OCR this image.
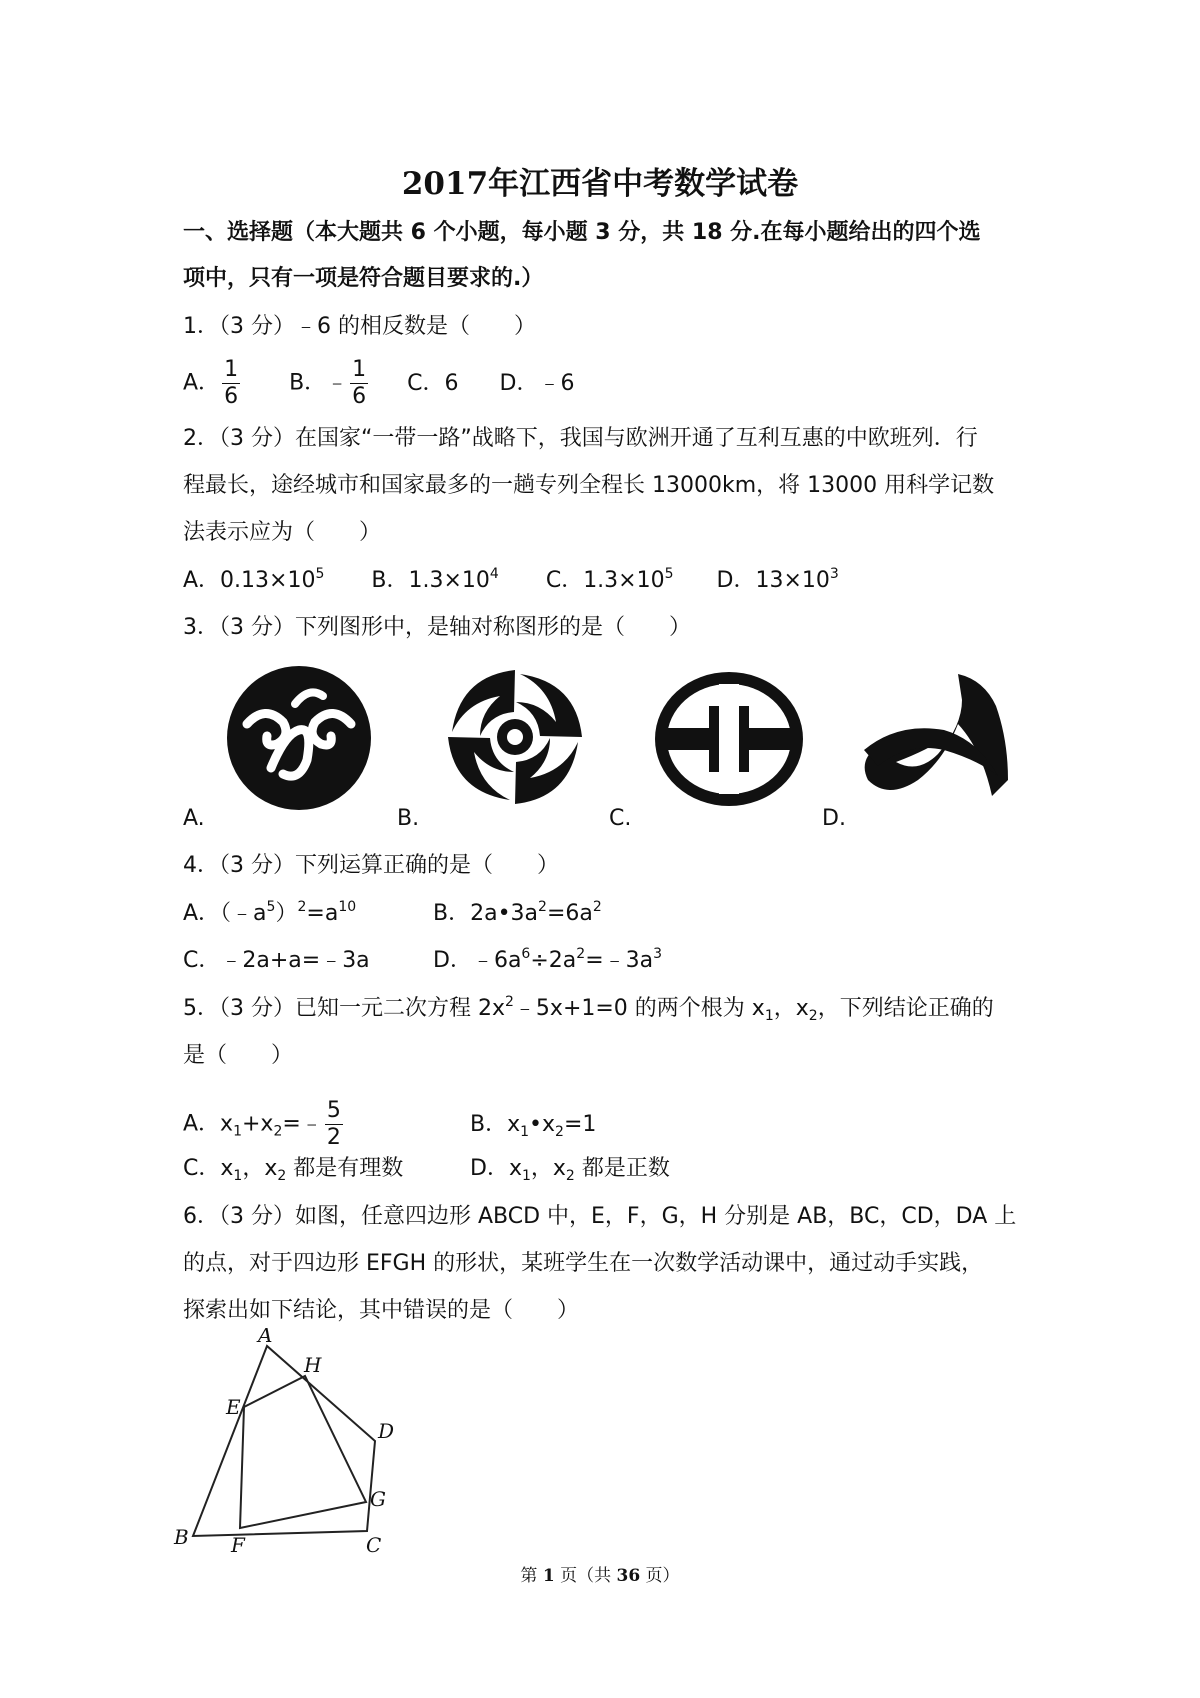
2017年江西省中考数学试卷
一、选择题（本大题共 6 个小题，每小题 3 分，共 18 分.在每小题给出的四个选
项中，只有一项是符合题目要求的.）
1．（3 分）﹣6 的相反数是（　　）
A． $\frac{1}{6}$ B．﹣ $\frac{1}{6}$ C．6 D．﹣6
2．（3 分）在国家“一带一路”战略下，我国与欧洲开通了互利互惠的中欧班列．行
程最长，途经城市和国家最多的一趟专列全程长 13000km，将 13000 用科学记数
法表示应为（　　）
A．$0.13\times 10^5$ B．$1.3\times 10^4$ C．$1.3\times 10^5$ D．$13\times 10^3$
3．（3 分）下列图形中，是轴对称图形的是（　　）
A.	B.	C.	D.
4．（3 分）下列运算正确的是（　　）
A．$(﹣a^5)^2=a^{10}$	B．$2a•3a^2=6a^2$
C．﹣2a+a=﹣3a	D．$﹣6a^6\div 2a^2=﹣3a^3$
5．（3 分）已知一元二次方程 $2x^2﹣5x+1=0$ 的两个根为 $x_1$，$x_2$，下列结论正确的
是（　　）
A．$x_1+x_2=﹣ \frac{5}{2}$	B．$x_1•x_2=1$
C．$x_1$，$x_2$ 都是有理数	D．$x_1$，$x_2$ 都是正数
6．（3 分）如图，任意四边形 ABCD 中，E，F，G，H 分别是 AB，BC，CD，DA 上
的点，对于四边形 EFGH 的形状，某班学生在一次数学活动课中，通过动手实践，
探索出如下结论，其中错误的是（　　）
A
B	C
D
E
F
G
H
第 1 页（共 36 页）
